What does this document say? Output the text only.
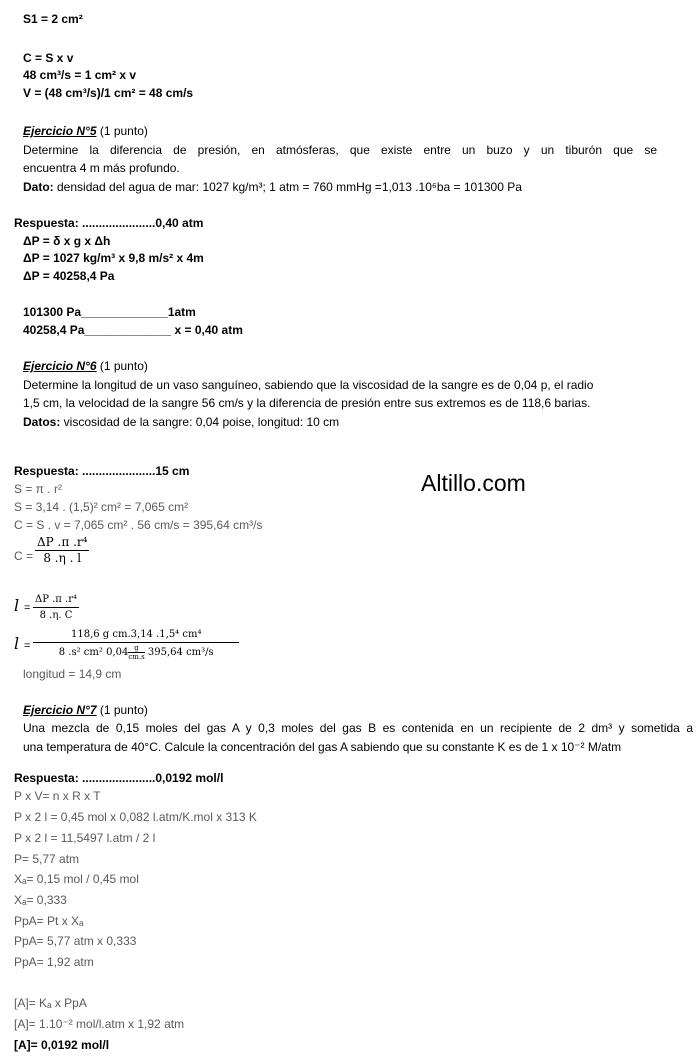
S1 = 2 cm²
C = S x v
48 cm³/s = 1 cm² x v
V = (48 cm³/s)/1 cm² = 48 cm/s
Ejercicio N°5 (1 punto)
Determine la diferencia de presión, en atmósferas, que existe entre un buzo y un tiburón que se
encuentra 4 m más profundo.
Dato: densidad del agua de mar: 1027 kg/m³; 1 atm = 760 mmHg =1,013 .10⁶ba = 101300 Pa
Respuesta: ......................0,40 atm
ΔP = δ x g x Δh
ΔP = 1027 kg/m³ x 9,8 m/s² x 4m
ΔP = 40258,4 Pa
101300 Pa_____________1atm
40258,4 Pa_____________ x = 0,40 atm
Ejercicio N°6 (1 punto)
Determine la longitud de un vaso sanguíneo, sabiendo que la viscosidad de la sangre es de 0,04 p, el radio
1,5 cm, la velocidad de la sangre 56 cm/s y la diferencia de presión entre sus extremos es de 118,6 barias.
Datos: viscosidad de la sangre: 0,04 poise, longitud: 10 cm
Respuesta: ......................15 cm
S = π . r²
S = 3,14 . (1,5)² cm² = 7,065 cm²
C = S . v = 7,065 cm² . 56 cm/s = 395,64 cm³/s
$C = \frac{\text{ΔP .π .r⁴}}{8 .\eta . l}$
$l = \frac{\text{ΔP .π .r⁴}}{8 .\eta. C}$
l =
118,6 g cm.3,14 .1,5⁴ cm⁴
8 .s² cm² $0,04 \frac{g}{cm.s} 395,64$ cm³/s
longitud = 14,9 cm
Altillo.com
Ejercicio N°7 (1 punto)
Una mezcla de 0,15 moles del gas A y 0,3 moles del gas B es contenida en un recipiente de 2 dm³ y sometida a
una temperatura de 40°C. Calcule la concentración del gas A sabiendo que su constante K es de 1 x 10⁻² M/atm
Respuesta: ......................0,0192 mol/l
P x V= n x R x T
P x 2 l = 0,45 mol x 0,082 l.atm/K.mol x 313 K
P x 2 l = 11,5497 l.atm / 2 l
P= 5,77 atm
Xₐ= 0,15 mol / 0,45 mol
Xₐ= 0,333
PpA= Pt x Xₐ
PpA= 5,77 atm x 0,333
PpA= 1,92 atm
[A]= Kₐ x PpA
[A]= 1.10⁻² mol/l.atm x 1,92 atm
[A]= 0,0192 mol/l
